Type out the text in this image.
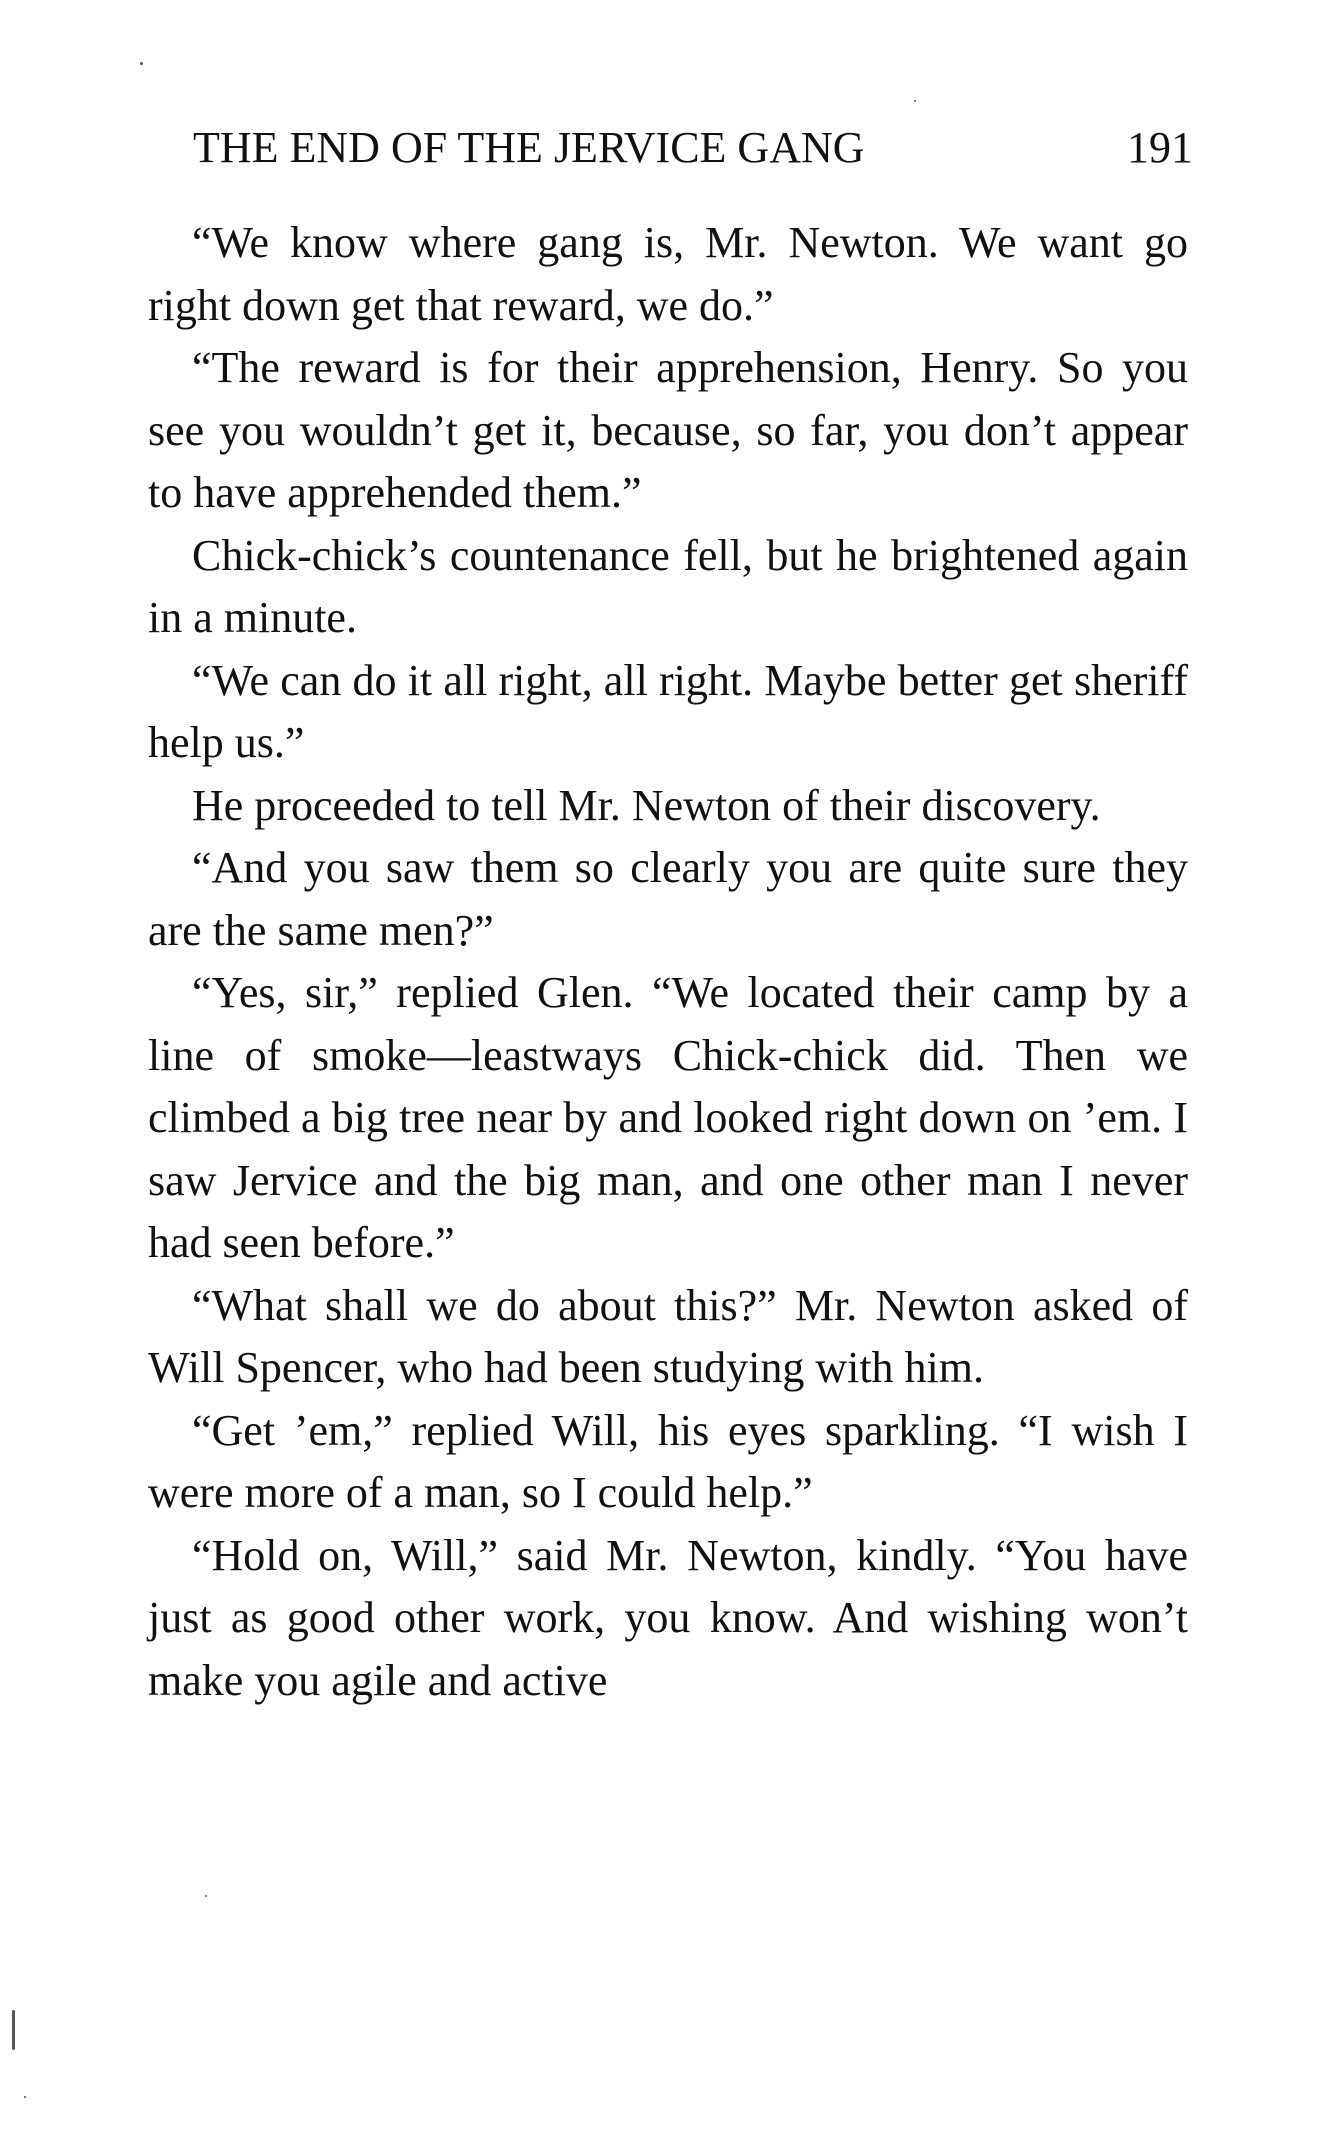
THE END OF THE JERVICE GANG	191

“We know where gang is, Mr. Newton. We want go right down get that reward, we do.”

“The reward is for their apprehension, Henry. So you see you wouldn’t get it, because, so far, you don’t appear to have apprehended them.”

Chick-chick’s countenance fell, but he brightened again in a minute.

“We can do it all right, all right. Maybe better get sheriff help us.”

He proceeded to tell Mr. Newton of their discovery.

“And you saw them so clearly you are quite sure they are the same men?”

“Yes, sir,” replied Glen. “We located their camp by a line of smoke—leastways Chick-chick did. Then we climbed a big tree near by and looked right down on ’em. I saw Jervice and the big man, and one other man I never had seen before.”

“What shall we do about this?” Mr. Newton asked of Will Spencer, who had been studying with him.

“Get ’em,” replied Will, his eyes sparkling. “I wish I were more of a man, so I could help.”

“Hold on, Will,” said Mr. Newton, kindly. “You have just as good other work, you know. And wishing won’t make you agile and active
